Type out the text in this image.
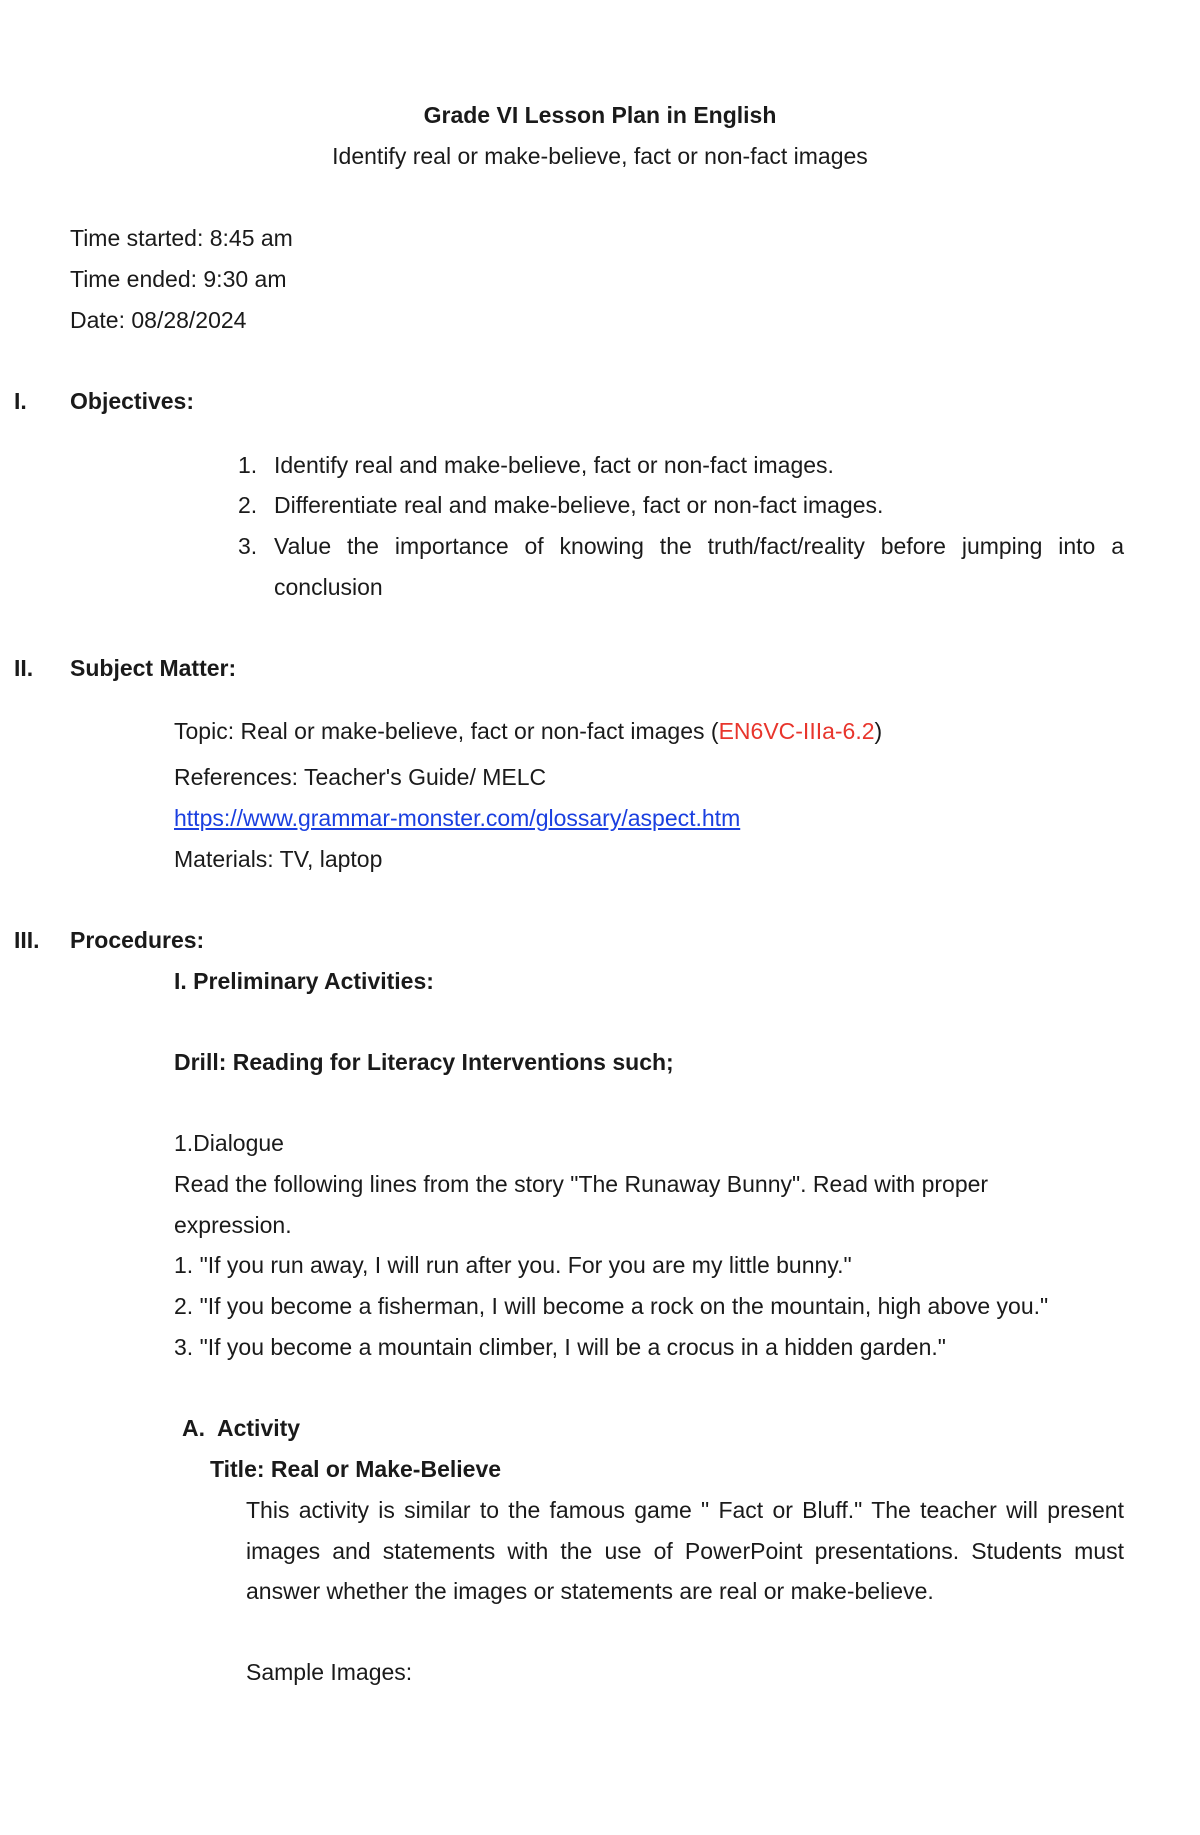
Grade VI Lesson Plan in English
Identify real or make-believe, fact or non-fact images
Time started: 8:45 am
Time ended: 9:30 am
Date: 08/28/2024
I. Objectives:
1. Identify real and make-believe, fact or non-fact images.
2. Differentiate real and make-believe, fact or non-fact images.
3. Value the importance of knowing the truth/fact/reality before jumping into a
conclusion
II. Subject Matter:
Topic: Real or make-believe, fact or non-fact images (EN6VC-IIIa-6.2)
References: Teacher's Guide/ MELC
https://www.grammar-monster.com/glossary/aspect.htm
Materials: TV, laptop
III. Procedures:
I. Preliminary Activities:
Drill: Reading for Literacy Interventions such;
1.Dialogue
Read the following lines from the story "The Runaway Bunny". Read with proper
expression.
1. "If you run away, I will run after you. For you are my little bunny."
2. "If you become a fisherman, I will become a rock on the mountain, high above you."
3. "If you become a mountain climber, I will be a crocus in a hidden garden."
A. Activity
Title: Real or Make-Believe
This activity is similar to the famous game " Fact or Bluff." The teacher will present
images and statements with the use of PowerPoint presentations. Students must
answer whether the images or statements are real or make-believe.
Sample Images:
